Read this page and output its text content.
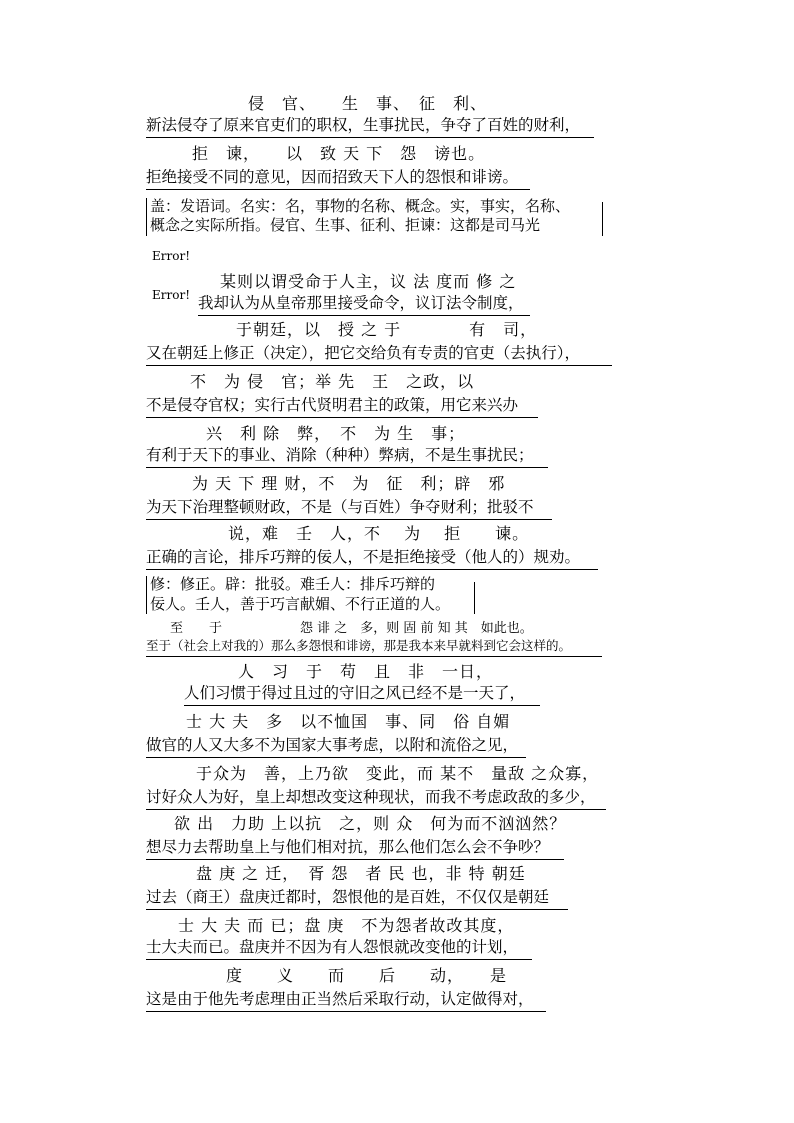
侵　官、　　生　事、　征　利、
新法侵夺了原来官吏们的职权，生事扰民，争夺了百姓的财利，
拒　谏，　　以　致 天 下　怨　谤也。
拒绝接受不同的意见，因而招致天下人的怨恨和诽谤。
盖：发语词。名实：名，事物的名称、概念。实，事实，名称、
概念之实际所指。侵官、生事、征利、拒谏：这都是司马光
Error!
Error!
某则以谓受命于人主，议 法 度而 修 之
我却认为从皇帝那里接受命令，议订法令制度，
于朝廷，以　授 之 于　　　　有　司，
又在朝廷上修正（决定），把它交给负有专责的官吏（去执行），
不　为 侵　官；举 先　王　之政，以
不是侵夺官权；实行古代贤明君主的政策，用它来兴办
兴　利 除　弊，　不　为 生　事；
有利于天下的事业、消除（种种）弊病，不是生事扰民；
为 天 下 理 财，不　为　征　利；辟　邪
为天下治理整顿财政，不是（与百姓）争夺财利；批驳不
说，难　壬　人，不　 为　 拒　　谏。
正确的言论，排斥巧辩的佞人，不是拒绝接受（他人的）规劝。
修：修正。辟：批驳。难壬人：排斥巧辩的
佞人。壬人，善于巧言献媚、不行正道的人。
至　　于　　　　　　怨 诽 之　多，则 固 前 知 其　如此也。
至于（社会上对我的）那么多怨恨和诽谤，那是我本来早就料到它会这样的。
人　习　于　苟　且　非　一日，
人们习惯于得过且过的守旧之风已经不是一天了，
士 大 夫　多　以不恤国　事、同　俗 自媚
做官的人又大多不为国家大事考虑，以附和流俗之见，
于众为　善，上乃欲　变此，而 某不　量敌 之众寡，
讨好众人为好，皇上却想改变这种现状，而我不考虑政敌的多少，
欲 出　力助 上以抗　之，则 众　何为而不汹汹然？
想尽力去帮助皇上与他们相对抗，那么他们怎么会不争吵？
盘 庚 之 迁，　胥 怨　者 民 也，非 特 朝廷
过去（商王）盘庚迁都时，怨恨他的是百姓，不仅仅是朝廷
士 大 夫 而 已；盘 庚　不为怨者故改其度，
士大夫而已。盘庚并不因为有人怨恨就改变他的计划，
度　　义　　而　　后　　动，　　是
这是由于他先考虑理由正当然后采取行动，认定做得对，
